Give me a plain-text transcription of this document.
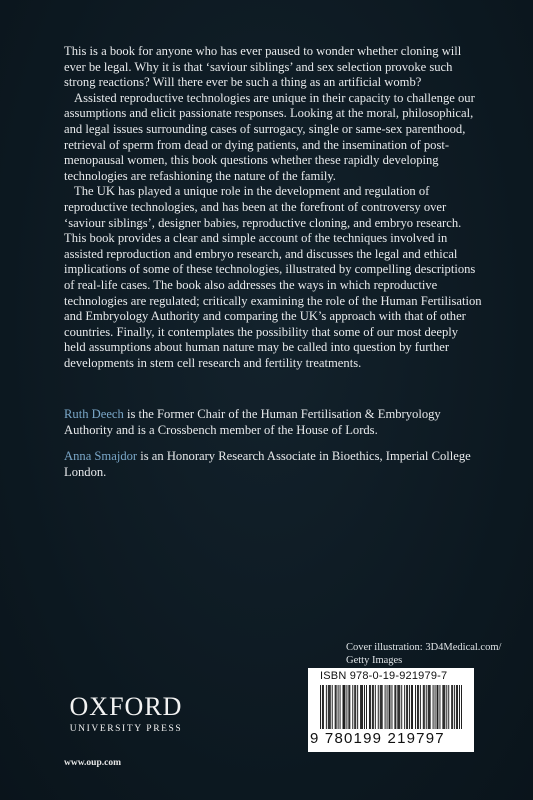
This is a book for anyone who has ever paused to wonder whether cloning will ever be legal. Why it is that ‘saviour siblings’ and sex selection provoke such strong reactions? Will there ever be such a thing as an artificial womb?

Assisted reproductive technologies are unique in their capacity to challenge our assumptions and elicit passionate responses. Looking at the moral, philosophical, and legal issues surrounding cases of surrogacy, single or same-sex parenthood, retrieval of sperm from dead or dying patients, and the insemination of post-menopausal women, this book questions whether these rapidly developing technologies are refashioning the nature of the family.

The UK has played a unique role in the development and regulation of reproductive technologies, and has been at the forefront of controversy over ‘saviour siblings’, designer babies, reproductive cloning, and embryo research. This book provides a clear and simple account of the techniques involved in assisted reproduction and embryo research, and discusses the legal and ethical implications of some of these technologies, illustrated by compelling descriptions of real-life cases. The book also addresses the ways in which reproductive technologies are regulated; critically examining the role of the Human Fertilisation and Embryology Authority and comparing the UK’s approach with that of other countries. Finally, it contemplates the possibility that some of our most deeply held assumptions about human nature may be called into question by further developments in stem cell research and fertility treatments.

Ruth Deech is the Former Chair of the Human Fertilisation & Embryology Authority and is a Crossbench member of the House of Lords.

Anna Smajdor is an Honorary Research Associate in Bioethics, Imperial College London.

Cover illustration: 3D4Medical.com/
Getty Images
OXFORD
UNIVERSITY PRESS
www.oup.com
ISBN 978-0-19-921979-7
9 780199 219797
